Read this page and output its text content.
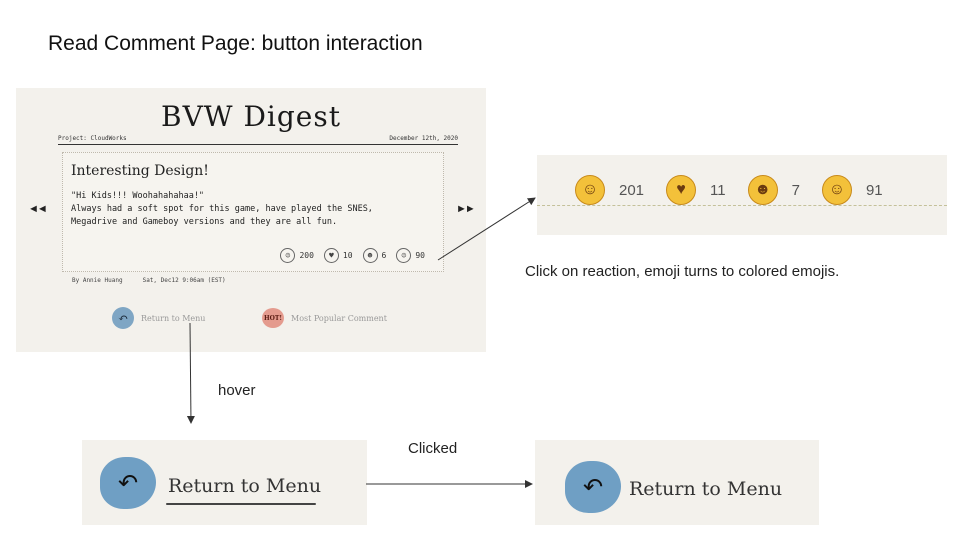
Read Comment Page: button interaction
BVW Digest
Project: CloudWorks	December 12th, 2020
◄◄	►►
Interesting Design!
"Hi Kids!!! Woohahahahaa!"
Always had a soft spot for this game, have played the SNES,
Megadrive and Gameboy versions and they are all fun.
☺	200	♥	10	☻	6	☺	90
By Annie Huang	Sat, Dec12 9:06am (EST)
↶	Return to Menu	HOT! Most Popular Comment
☺	201	♥	11	☻	7	☺	91
Click on reaction, emoji turns to colored emojis.
hover
Clicked
↶	Return to Menu	↶	Return to Menu
